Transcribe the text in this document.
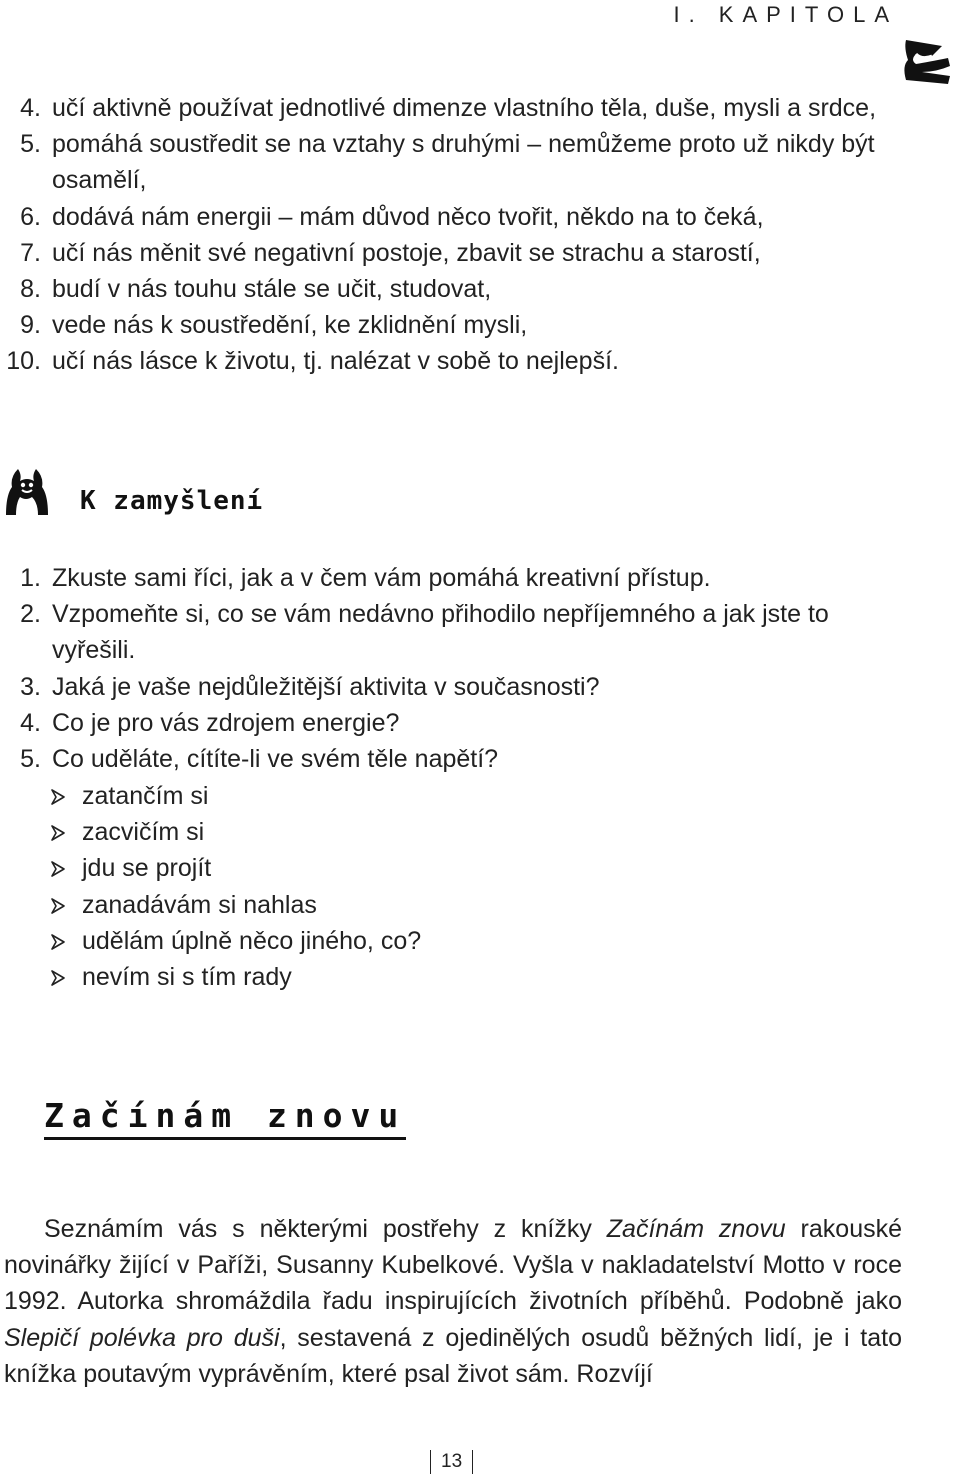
I. KAPITOLA
4. učí aktivně používat jednotlivé dimenze vlastního těla, duše, mysli a srdce,
5. pomáhá soustředit se na vztahy s druhými – nemůžeme proto už nikdy být osamělí,
6. dodává nám energii – mám důvod něco tvořit, někdo na to čeká,
7. učí nás měnit své negativní postoje, zbavit se strachu a starostí,
8. budí v nás touhu stále se učit, studovat,
9. vede nás k soustředění, ke zklidnění mysli,
10. učí nás lásce k životu, tj. nalézat v sobě to nejlepší.
K zamyšlení
1. Zkuste sami říci, jak a v čem vám pomáhá kreativní přístup.
2. Vzpomeňte si, co se vám nedávno přihodilo nepříjemného a jak jste to vyřešili.
3. Jaká je vaše nejdůležitější aktivita v současnosti?
4. Co je pro vás zdrojem energie?
5. Co uděláte, cítíte-li ve svém těle napětí?
zatančím si
zacvičím si
jdu se projít
zanadávám si nahlas
udělám úplně něco jiného, co?
nevím si s tím rady
Začínám znovu

Seznámím vás s některými postřehy z knížky Začínám znovu rakouské novinářky žijící v Paříži, Susanny Kubelkové. Vyšla v nakladatelství Motto v roce 1992. Autorka shromáždila řadu inspirujících životních příběhů. Podobně jako Slepičí polévka pro duši, sestavená z ojedinělých osudů běžných lidí, je i tato knížka poutavým vyprávěním, které psal život sám. Rozvíjí

13
